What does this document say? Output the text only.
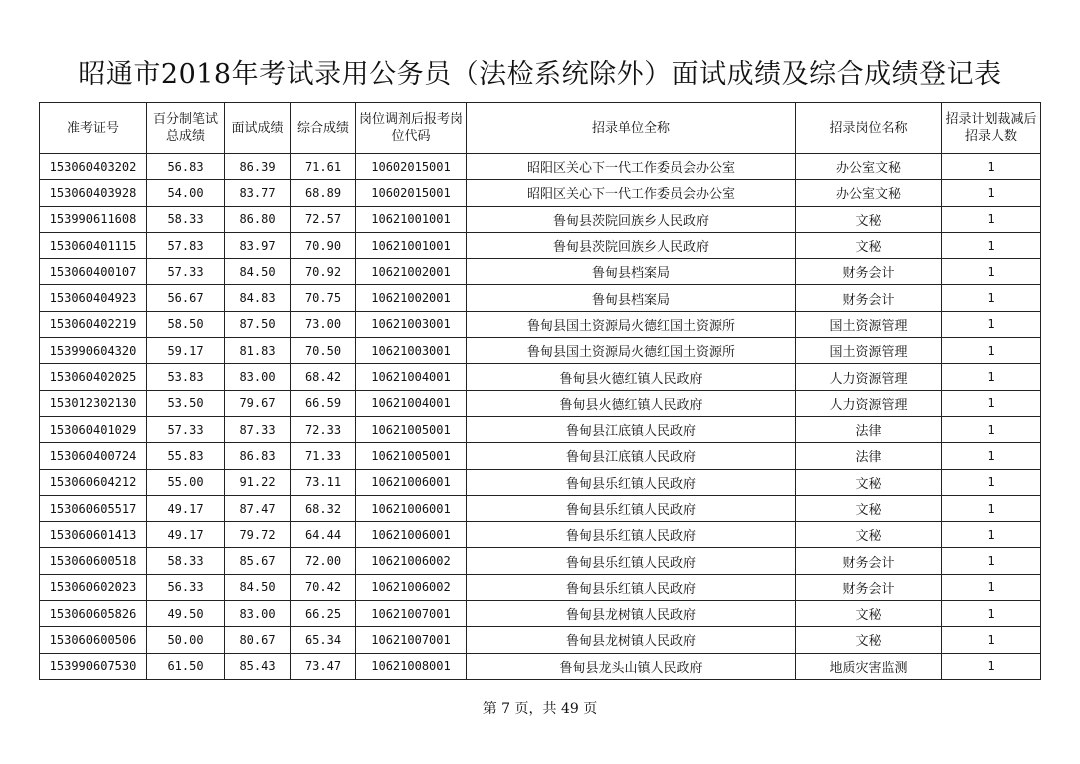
昭通市2018年考试录用公务员（法检系统除外）面试成绩及综合成绩登记表
准考证号	百分制笔试总成绩	面试成绩	综合成绩	岗位调剂后报考岗位代码	招录单位全称	招录岗位名称	招录计划裁减后招录人数
153060403202	56.83	86.39	71.61	10602015001	昭阳区关心下一代工作委员会办公室	办公室文秘	1
153060403928	54.00	83.77	68.89	10602015001	昭阳区关心下一代工作委员会办公室	办公室文秘	1
153990611608	58.33	86.80	72.57	10621001001	鲁甸县茨院回族乡人民政府	文秘	1
153060401115	57.83	83.97	70.90	10621001001	鲁甸县茨院回族乡人民政府	文秘	1
153060400107	57.33	84.50	70.92	10621002001	鲁甸县档案局	财务会计	1
153060404923	56.67	84.83	70.75	10621002001	鲁甸县档案局	财务会计	1
153060402219	58.50	87.50	73.00	10621003001	鲁甸县国土资源局火德红国土资源所	国土资源管理	1
153990604320	59.17	81.83	70.50	10621003001	鲁甸县国土资源局火德红国土资源所	国土资源管理	1
153060402025	53.83	83.00	68.42	10621004001	鲁甸县火德红镇人民政府	人力资源管理	1
153012302130	53.50	79.67	66.59	10621004001	鲁甸县火德红镇人民政府	人力资源管理	1
153060401029	57.33	87.33	72.33	10621005001	鲁甸县江底镇人民政府	法律	1
153060400724	55.83	86.83	71.33	10621005001	鲁甸县江底镇人民政府	法律	1
153060604212	55.00	91.22	73.11	10621006001	鲁甸县乐红镇人民政府	文秘	1
153060605517	49.17	87.47	68.32	10621006001	鲁甸县乐红镇人民政府	文秘	1
153060601413	49.17	79.72	64.44	10621006001	鲁甸县乐红镇人民政府	文秘	1
153060600518	58.33	85.67	72.00	10621006002	鲁甸县乐红镇人民政府	财务会计	1
153060602023	56.33	84.50	70.42	10621006002	鲁甸县乐红镇人民政府	财务会计	1
153060605826	49.50	83.00	66.25	10621007001	鲁甸县龙树镇人民政府	文秘	1
153060600506	50.00	80.67	65.34	10621007001	鲁甸县龙树镇人民政府	文秘	1
153990607530	61.50	85.43	73.47	10621008001	鲁甸县龙头山镇人民政府	地质灾害监测	1
第 7 页，共 49 页
